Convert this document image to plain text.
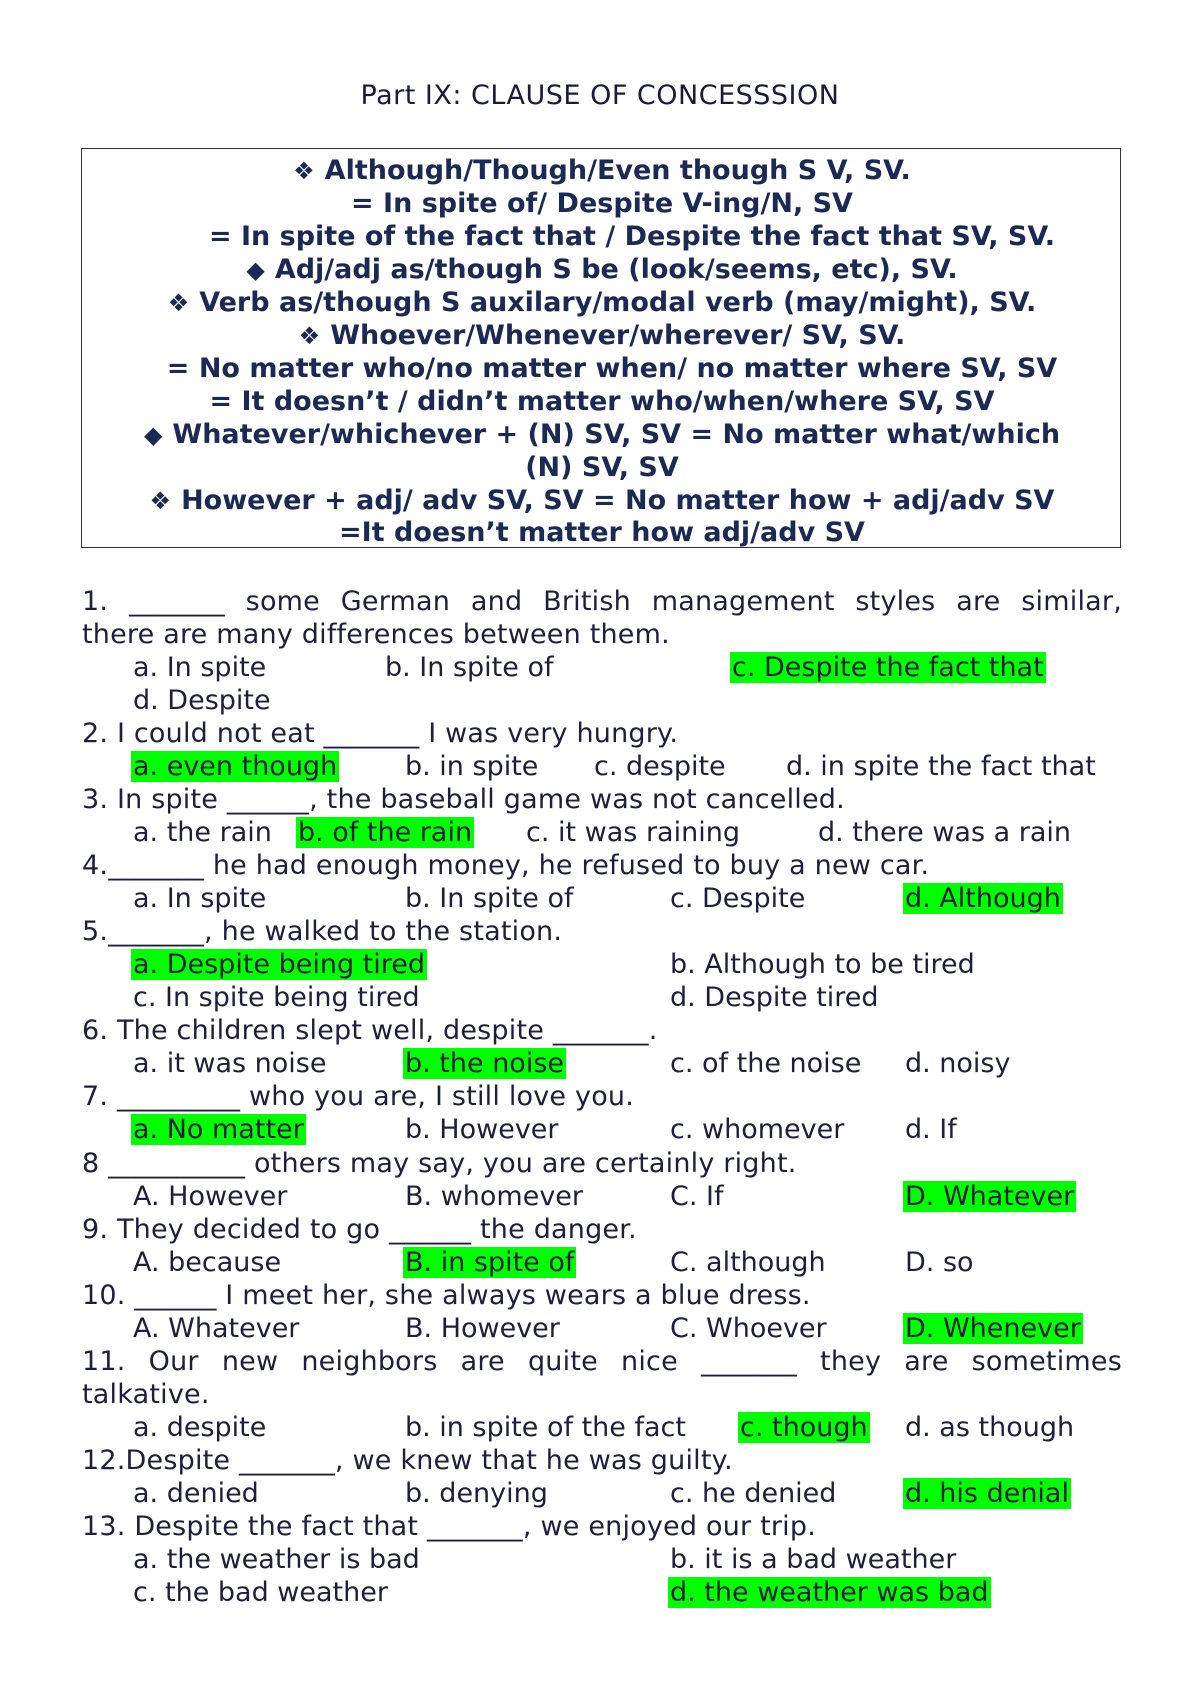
Part IX: CLAUSE OF CONCESSSION
❖ Although/Though/Even though S V, SV.
= In spite of/ Despite V-ing/N, SV
= In spite of the fact that / Despite the fact that SV, SV.
◆ Adj/adj as/though S be (look/seems, etc), SV.
❖ Verb as/though S auxilary/modal verb (may/might), SV.
❖ Whoever/Whenever/wherever/ SV, SV.
= No matter who/no matter when/ no matter where SV, SV
= It doesn’t / didn’t matter who/when/where SV, SV
◆ Whatever/whichever + (N) SV, SV = No matter what/which
(N) SV, SV
❖ However + adj/ adv SV, SV = No matter how + adj/adv SV
=It doesn’t matter how adj/adv SV
1. _______ some German and British management styles are similar,
there are many differences between them.
a. In spite	b. In spite of	c. Despite the fact that
d. Despite
2. I could not eat _______ I was very hungry.
a. even though	b. in spite c. despite d. in spite the fact that
3. In spite ______, the baseball game was not cancelled.
a. the rain b. of the rain c. it was raining	d. there was a rain
4._______ he had enough money, he refused to buy a new car.
a. In spite	b. In spite of	c. Despite	d. Although
5._______, he walked to the station.
a. Despite being tired	b. Although to be tired
c. In spite being tired	d. Despite tired
6. The children slept well, despite _______.
a. it was noise	b. the noise	c. of the noise d. noisy
7. _________ who you are, I still love you.
a. No matter	b. However	c. whomever d. If
8 __________ others may say, you are certainly right.
A. However	B. whomever	C. If	D. Whatever
9. They decided to go ______ the danger.
A. because	B. in spite of	C. although	D. so
10. ______ I meet her, she always wears a blue dress.
A. Whatever	B. However	C. Whoever	D. Whenever
11. Our new neighbors are quite nice _______ they are sometimes
talkative.
a. despite	b. in spite of the fact c. though d. as though
12.Despite _______, we knew that he was guilty.
a. denied	b. denying	c. he denied	d. his denial
13. Despite the fact that _______, we enjoyed our trip.
a. the weather is bad	b. it is a bad weather
c. the bad weather	d. the weather was bad
